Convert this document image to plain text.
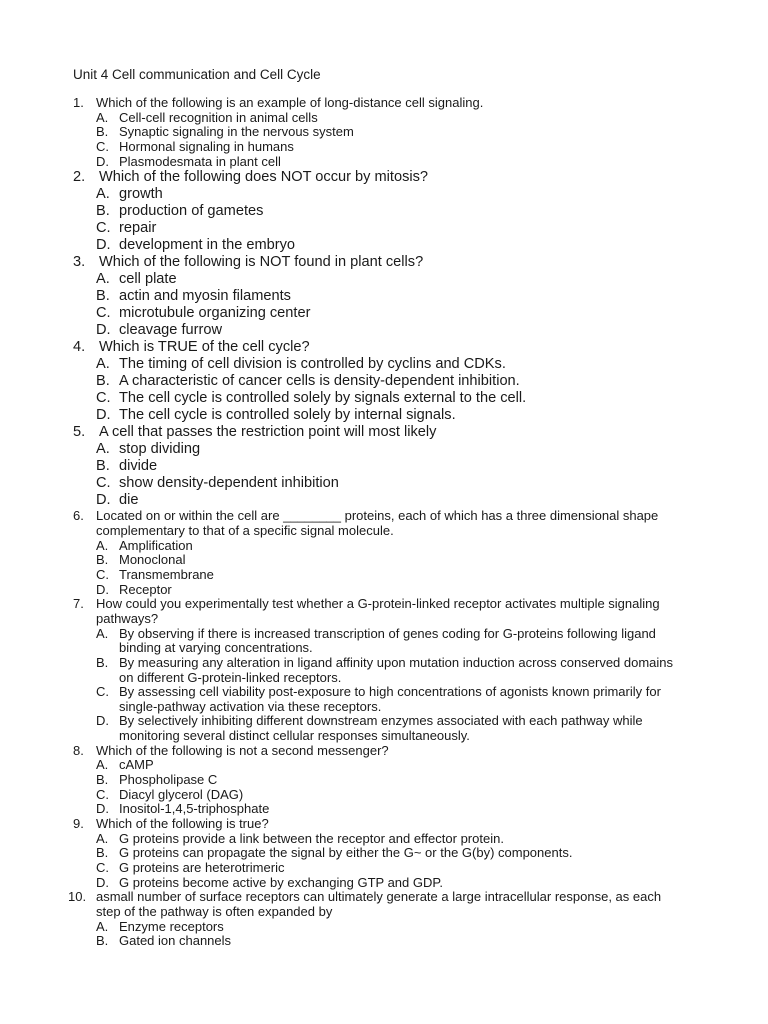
Unit 4 Cell communication and Cell Cycle
1. Which of the following is an example of long-distance cell signaling.
A. Cell-cell recognition in animal cells
B. Synaptic signaling in the nervous system
C. Hormonal signaling in humans
D. Plasmodesmata in plant cell
2. Which of the following does NOT occur by mitosis?
A. growth
B. production of gametes
C. repair
D. development in the embryo
3. Which of the following is NOT found in plant cells?
A. cell plate
B. actin and myosin filaments
C. microtubule organizing center
D. cleavage furrow
4. Which is TRUE of the cell cycle?
A. The timing of cell division is controlled by cyclins and CDKs.
B. A characteristic of cancer cells is density-dependent inhibition.
C. The cell cycle is controlled solely by signals external to the cell.
D. The cell cycle is controlled solely by internal signals.
5. A cell that passes the restriction point will most likely
A. stop dividing
B. divide
C. show density-dependent inhibition
D. die
6. Located on or within the cell are ________ proteins, each of which has a three dimensional shape complementary to that of a specific signal molecule.
A. Amplification
B. Monoclonal
C. Transmembrane
D. Receptor
7. How could you experimentally test whether a G-protein-linked receptor activates multiple signaling pathways?
A. By observing if there is increased transcription of genes coding for G-proteins following ligand binding at varying concentrations.
B. By measuring any alteration in ligand affinity upon mutation induction across conserved domains on different G-protein-linked receptors.
C. By assessing cell viability post-exposure to high concentrations of agonists known primarily for single-pathway activation via these receptors.
D. By selectively inhibiting different downstream enzymes associated with each pathway while monitoring several distinct cellular responses simultaneously.
8. Which of the following is not a second messenger?
A. cAMP
B. Phospholipase C
C. Diacyl glycerol (DAG)
D. Inositol-1,4,5-triphosphate
9. Which of the following is true?
A. G proteins provide a link between the receptor and effector protein.
B. G proteins can propagate the signal by either the G~ or the G(by) components.
C. G proteins are heterotrimeric
D. G proteins become active by exchanging GTP and GDP.
10. asmall number of surface receptors can ultimately generate a large intracellular response, as each step of the pathway is often expanded by
A. Enzyme receptors
B. Gated ion channels
